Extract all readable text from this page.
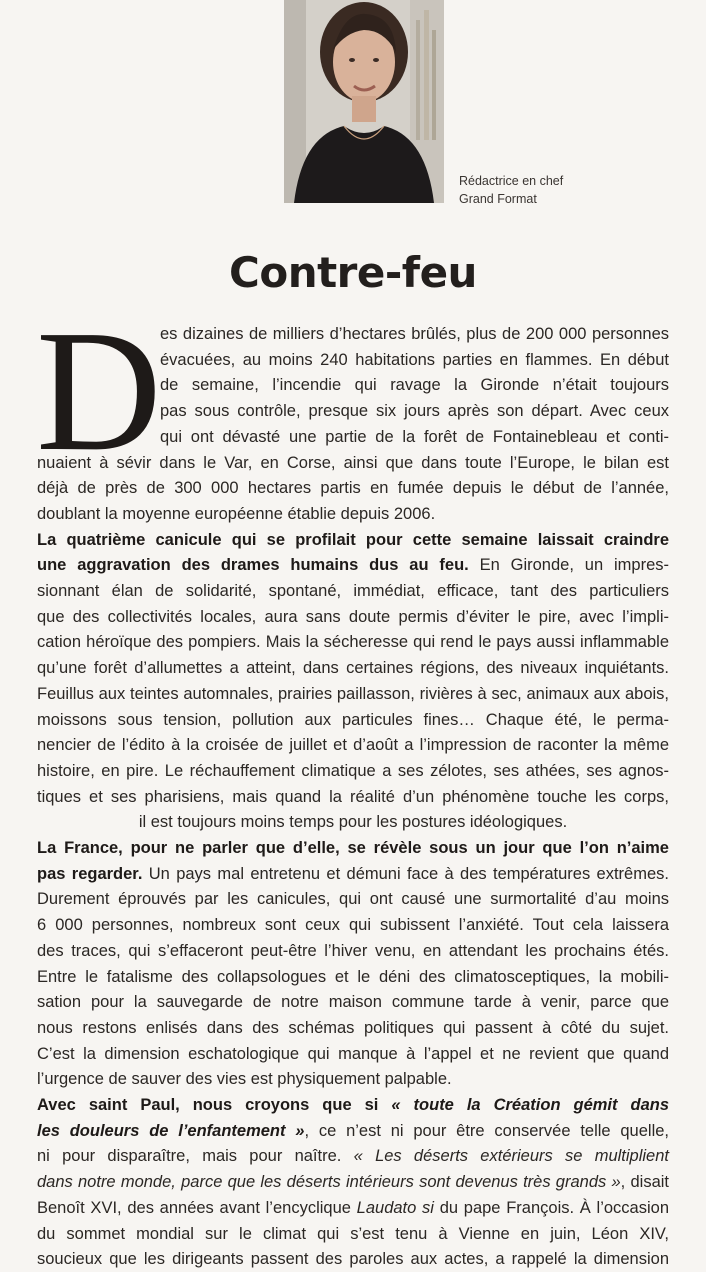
Rédactrice en chef
Grand Format
Contre-feu
D
es dizaines de milliers d’hectares brûlés, plus de 200 000 personnes
évacuées, au moins 240 habitations parties en flammes. En début
de semaine, l’incendie qui ravage la Gironde n’était toujours
pas sous contrôle, presque six jours après son départ. Avec ceux
qui ont dévasté une partie de la forêt de Fontainebleau et conti-
nuaient à sévir dans le Var, en Corse, ainsi que dans toute l’Europe, le bilan est
déjà de près de 300 000 hectares partis en fumée depuis le début de l’année,
doublant la moyenne européenne établie depuis 2006.
La quatrième canicule qui se profilait pour cette semaine laissait craindre
une aggravation des drames humains dus au feu. En Gironde, un impres-
sionnant élan de solidarité, spontané, immédiat, efficace, tant des particuliers
que des collectivités locales, aura sans doute permis d’éviter le pire, avec l’impli-
cation héroïque des pompiers. Mais la sécheresse qui rend le pays aussi inflammable
qu’une forêt d’allumettes a atteint, dans certaines régions, des niveaux inquiétants.
Feuillus aux teintes automnales, prairies paillasson, rivières à sec, animaux aux abois,
moissons sous tension, pollution aux particules fines… Chaque été, le perma-
nencier de l’édito à la croisée de juillet et d’août a l’impression de raconter la même
histoire, en pire. Le réchauffement climatique a ses zélotes, ses athées, ses agnos-
tiques et ses pharisiens, mais quand la réalité d’un phénomène touche les corps,
il est toujours moins temps pour les postures idéologiques.
La France, pour ne parler que d’elle, se révèle sous un jour que l’on n’aime
pas regarder. Un pays mal entretenu et démuni face à des températures extrêmes.
Durement éprouvés par les canicules, qui ont causé une surmortalité d’au moins
6 000 personnes, nombreux sont ceux qui subissent l’anxiété. Tout cela laissera
des traces, qui s’effaceront peut-être l’hiver venu, en attendant les prochains étés.
Entre le fatalisme des collapsologues et le déni des climatosceptiques, la mobili-
sation pour la sauvegarde de notre maison commune tarde à venir, parce que
nous restons enlisés dans des schémas politiques qui passent à côté du sujet.
C’est la dimension eschatologique qui manque à l’appel et ne revient que quand
l’urgence de sauver des vies est physiquement palpable.
Avec saint Paul, nous croyons que si « toute la Création gémit dans
les douleurs de l’enfantement », ce n’est ni pour être conservée telle quelle,
ni pour disparaître, mais pour naître. « Les déserts extérieurs se multiplient
dans notre monde, parce que les déserts intérieurs sont devenus très grands », disait
Benoît XVI, des années avant l’encyclique Laudato si du pape François. À l’occasion
du sommet mondial sur le climat qui s’est tenu à Vienne en juin, Léon XIV,
soucieux que les dirigeants passent des paroles aux actes, a rappelé la dimension
